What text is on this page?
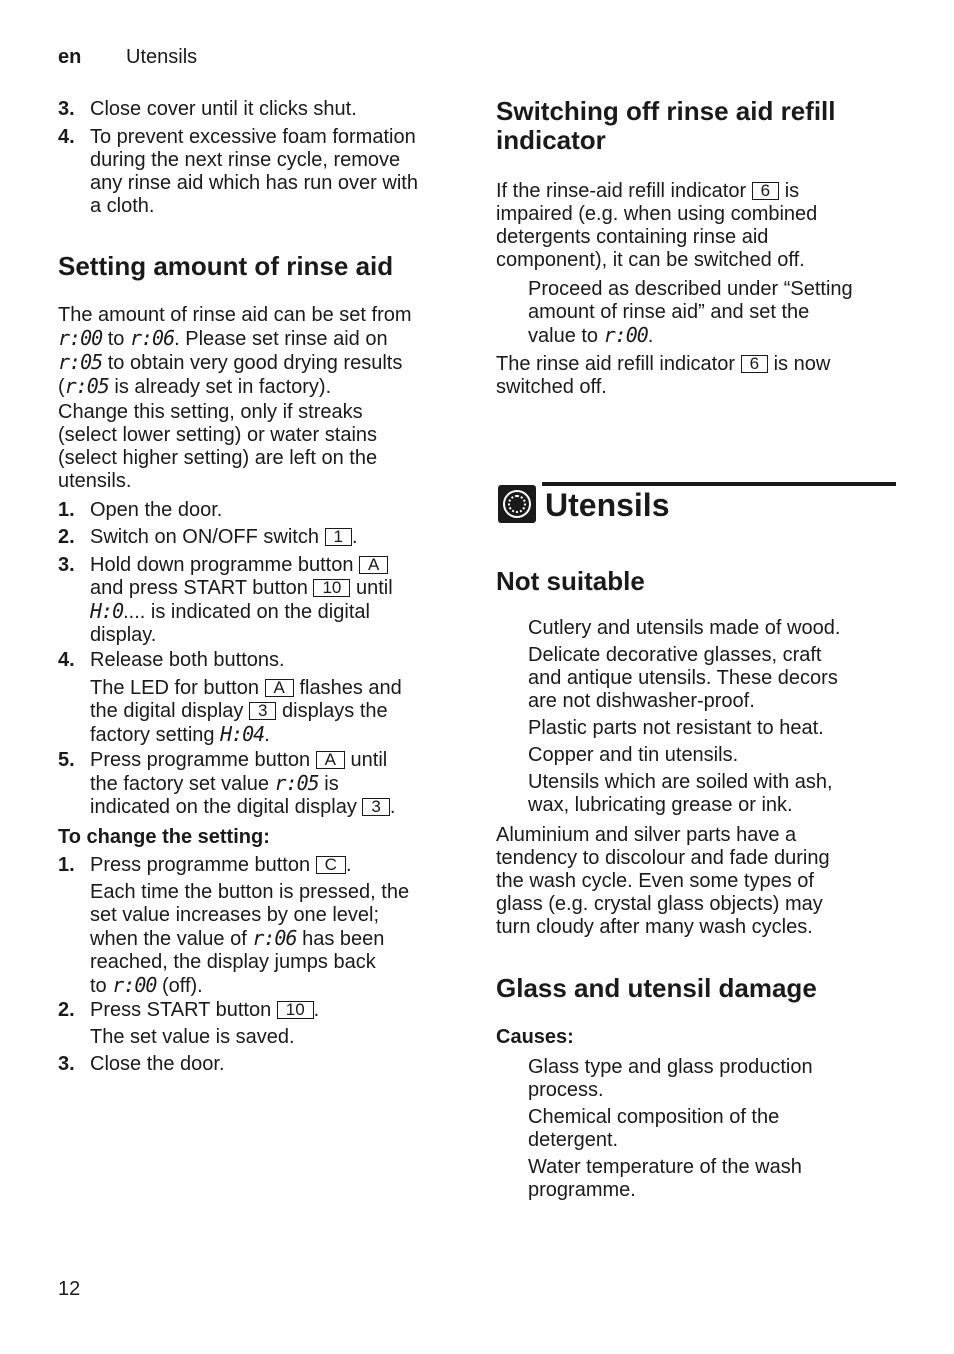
en Utensils
3. Close cover until it clicks shut.
4. To prevent excessive foam formation
during the next rinse cycle, remove
any rinse aid which has run over with
a cloth.
Setting amount of rinse aid
The amount of rinse aid can be set from
r:00 to r:06. Please set rinse aid on
r:05 to obtain very good drying results
(r:05 is already set in factory).
Change this setting, only if streaks
(select lower setting) or water stains
(select higher setting) are left on the
utensils.
1. Open the door.
2. Switch on ON/OFF switch 1 .
3. Hold down programme button A
and press START button 10 until
H:0.... is indicated on the digital
display.
4. Release both buttons.
The LED for button A flashes and
the digital display 3 displays the
factory setting H:04.
5. Press programme button A until
the factory set value r:05 is
indicated on the digital display 3 .
To change the setting:
1. Press programme button C .
Each time the button is pressed, the
set value increases by one level;
when the value of r:06 has been
reached, the display jumps back
to r:00 (off).
2. Press START button 10 .
The set value is saved.
3. Close the door.
Switching off rinse aid refill
indicator
If the rinse-aid refill indicator 6 is
impaired (e.g. when using combined
detergents containing rinse aid
component), it can be switched off.
Proceed as described under “Setting
amount of rinse aid” and set the
value to r:00.
The rinse aid refill indicator 6 is now
switched off.
Utensils
Not suitable
Cutlery and utensils made of wood.
Delicate decorative glasses, craft
and antique utensils. These decors
are not dishwasher-proof.
Plastic parts not resistant to heat.
Copper and tin utensils.
Utensils which are soiled with ash,
wax, lubricating grease or ink.
Aluminium and silver parts have a
tendency to discolour and fade during
the wash cycle. Even some types of
glass (e.g. crystal glass objects) may
turn cloudy after many wash cycles.
Glass and utensil damage
Causes:
Glass type and glass production
process.
Chemical composition of the
detergent.
Water temperature of the wash
programme.
12
